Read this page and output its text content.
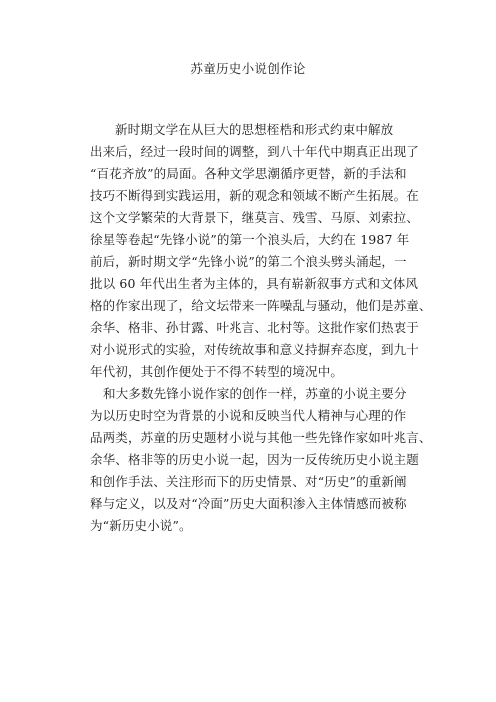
苏童历史小说创作论
新时期文学在从巨大的思想桎梏和形式约束中解放
出来后，经过一段时间的调整，到八十年代中期真正出现了
“百花齐放”的局面。各种文学思潮循序更替，新的手法和
技巧不断得到实践运用，新的观念和领域不断产生拓展。在
这个文学繁荣的大背景下，继莫言、残雪、马原、刘索拉、
徐星等卷起“先锋小说”的第一个浪头后，大约在 1987 年
前后，新时期文学“先锋小说”的第二个浪头劈头涌起，一
批以 60 年代出生者为主体的，具有崭新叙事方式和文体风
格的作家出现了，给文坛带来一阵噪乱与骚动，他们是苏童、
余华、格非、孙甘露、叶兆言、北村等。这批作家们热衷于
对小说形式的实验，对传统故事和意义持摒弃态度，到九十
年代初，其创作便处于不得不转型的境况中。
和大多数先锋小说作家的创作一样，苏童的小说主要分
为以历史时空为背景的小说和反映当代人精神与心理的作
品两类，苏童的历史题材小说与其他一些先锋作家如叶兆言、
余华、格非等的历史小说一起，因为一反传统历史小说主题
和创作手法、关注形而下的历史情景、对“历史”的重新阐
释与定义，以及对“冷面”历史大面积渗入主体情感而被称
为“新历史小说”。
